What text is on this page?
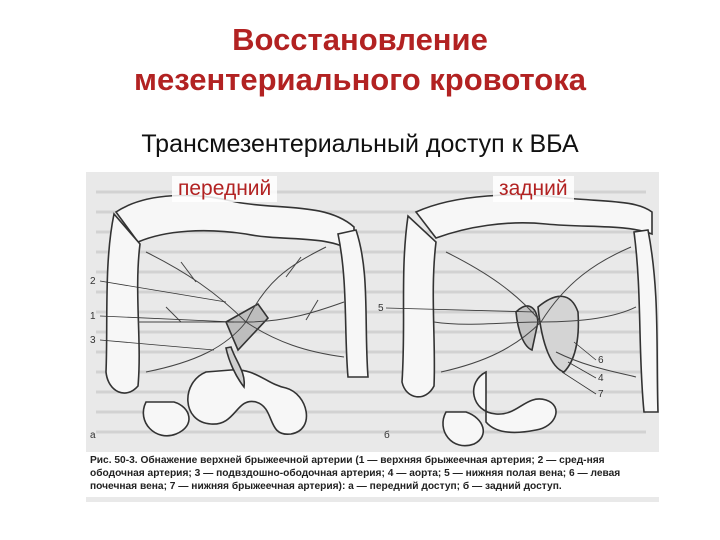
Восстановление
мезентериального кровотока
Трансмезентериальный доступ к ВБА
2
1
3
5
6
4
7
а	б
передний	задний
Рис. 50-3. Обнажение верхней брыжеечной артерии (1 — верхняя брыжеечная артерия; 2 — сред-няя ободочная артерия; 3 — подвздошно-ободочная артерия; 4 — аорта; 5 — нижняя полая вена; 6 — левая почечная вена; 7 — нижняя брыжеечная артерия): а — передний доступ; б — задний доступ.
